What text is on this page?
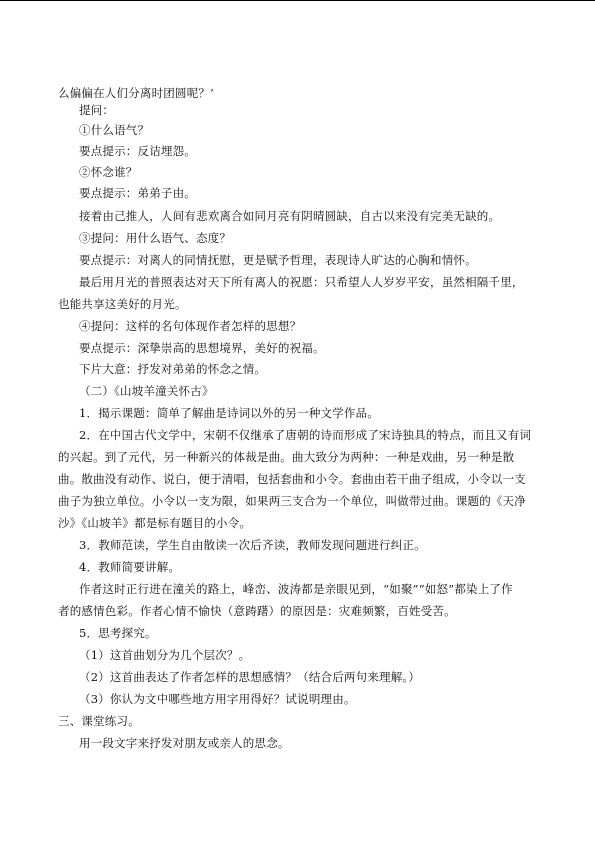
么偏偏在人们分离时团圆呢？’
提问：
①什么语气？
要点提示：反诘埋怨。
②怀念谁？
要点提示：弟弟子由。
接着由己推人，人间有悲欢离合如同月亮有阴晴圆缺，自古以来没有完美无缺的。
③提问：用什么语气、态度？
要点提示：对离人的同情抚慰，更是赋予哲理，表现诗人旷达的心胸和情怀。
最后用月光的普照表达对天下所有离人的祝愿：只希望人人岁岁平安，虽然相隔千里，
也能共享这美好的月光。
④提问：这样的名句体现作者怎样的思想？
要点提示：深挚崇高的思想境界，美好的祝福。
下片大意：抒发对弟弟的怀念之情。
（二）《山坡羊潼关怀古》
1．揭示课题：简单了解曲是诗词以外的另一种文学作品。
2．在中国古代文学中，宋朝不仅继承了唐朝的诗而形成了宋诗独具的特点，而且又有词
的兴起。到了元代，另一种新兴的体裁是曲。曲大致分为两种：一种是戏曲，另一种是散
曲。散曲没有动作、说白，便于清唱，包括套曲和小令。套曲由若干曲子组成，小令以一支
曲子为独立单位。小令以一支为限，如果两三支合为一个单位，叫做带过曲。课题的《天净
沙》《山坡羊》都是标有题目的小令。
3．教师范读，学生自由散读一次后齐读，教师发现问题进行纠正。
4．教师简要讲解。
作者这时正行进在潼关的路上，峰峦、波涛都是亲眼见到，“如聚”“如怒”都染上了作
者的感情色彩。作者心情不愉快（意踌躇）的原因是：灾难频繁，百姓受苦。
5．思考探究。
（1）这首曲划分为几个层次？。
（2）这首曲表达了作者怎样的思想感情？（结合后两句来理解。）
（3）你认为文中哪些地方用字用得好？试说明理由。
三、课堂练习。
用一段文字来抒发对朋友或亲人的思念。
